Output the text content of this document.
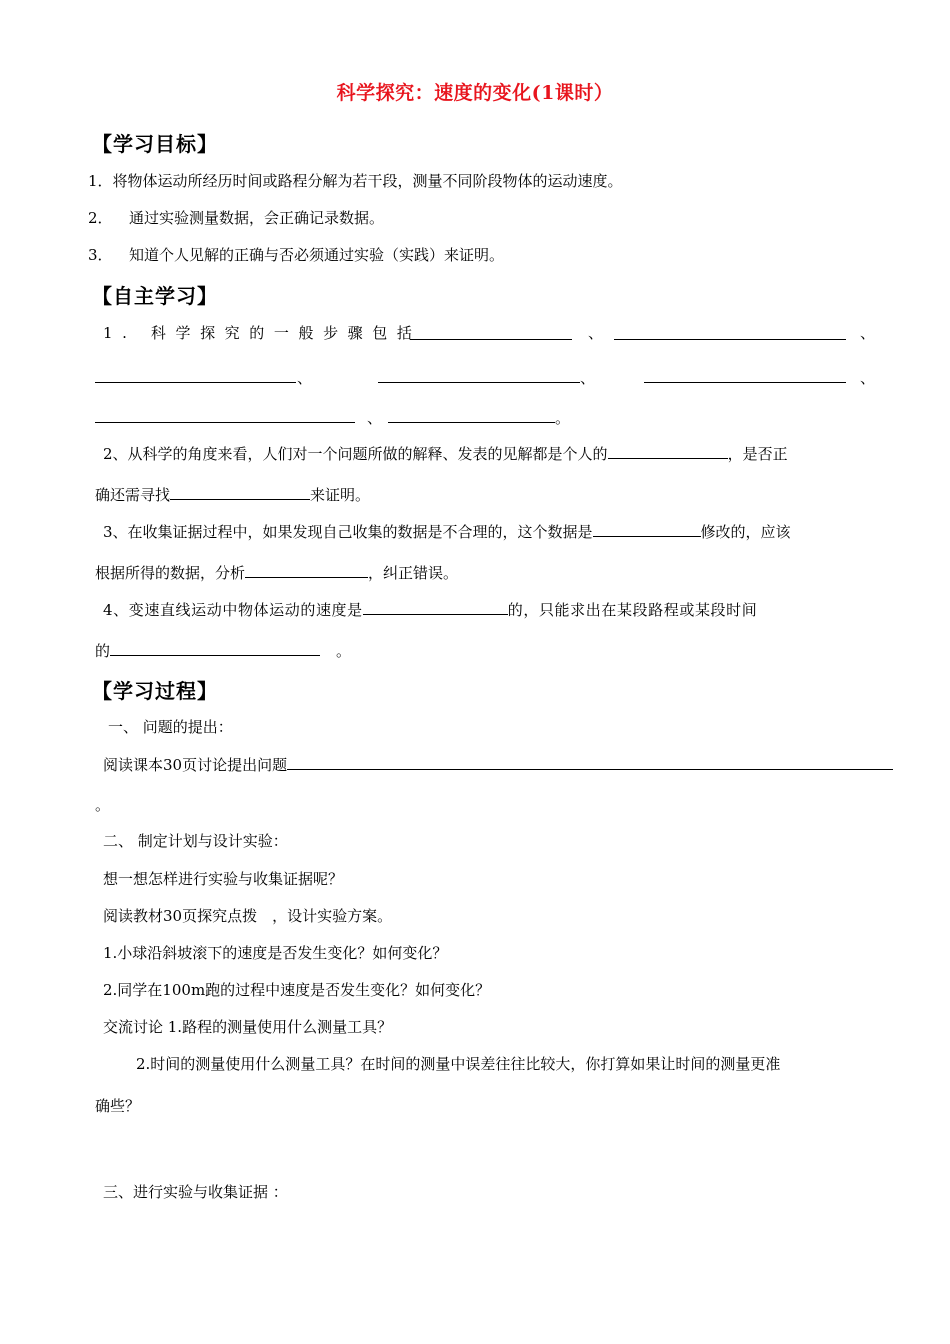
科学探究：速度的变化(1课时）
【学习目标】
1．将物体运动所经历时间或路程分解为若干段，测量不同阶段物体的运动速度。
2． 通过实验测量数据，会正确记录数据。
3． 知道个人见解的正确与否必须通过实验（实践）来证明。
【自主学习】
1. 科学探究的一般步骤包括	、	、
、	、	、
、	。
2、从科学的角度来看，人们对一个问题所做的解释、发表的见解都是个人的	，是否正
确还需寻找	来证明。
3、在收集证据过程中，如果发现自己收集的数据是不合理的，这个数据是	修改的，应该
根据所得的数据，分析	，纠正错误。
4、变速直线运动中物体运动的速度是	的，只能求出在某段路程或某段时间
的	。
【学习过程】
一、 问题的提出：
阅读课本30页讨论提出问题
。
二、 制定计划与设计实验：
想一想怎样进行实验与收集证据呢？
阅读教材30页探究点拨　，设计实验方案。
1.小球沿斜坡滚下的速度是否发生变化？如何变化？
2.同学在100m跑的过程中速度是否发生变化？如何变化？
交流讨论 1.路程的测量使用什么测量工具？
2.时间的测量使用什么测量工具？在时间的测量中误差往往比较大，你打算如果让时间的测量更准
确些？
三、进行实验与收集证据 ：
